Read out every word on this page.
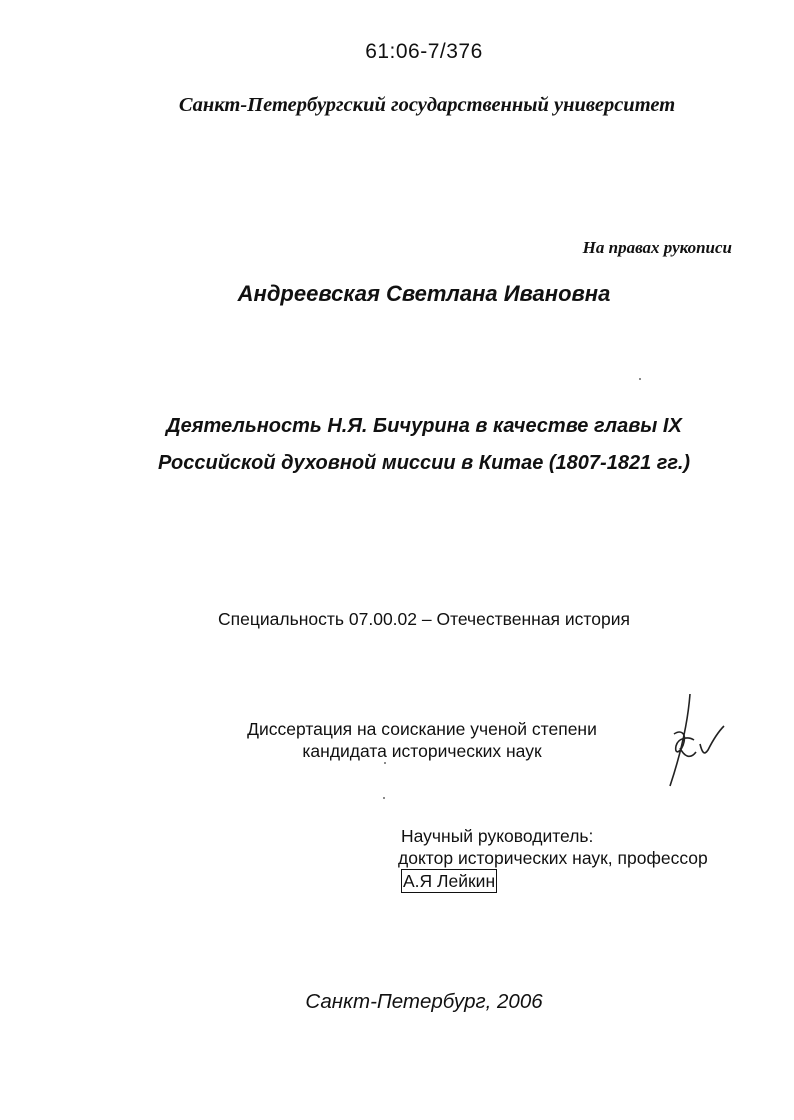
61:06-7/376
Санкт-Петербургский государственный университет
На правах рукописи
Андреевская Светлана Ивановна
Деятельность Н.Я. Бичурина в качестве главы IX
Российской духовной миссии в Китае (1807-1821 гг.)
Специальность 07.00.02 – Отечественная история
Диссертация на соискание ученой степени
кандидата исторических наук
Научный руководитель:
доктор исторических наук, профессор
А.Я Лейкин
Санкт-Петербург, 2006
